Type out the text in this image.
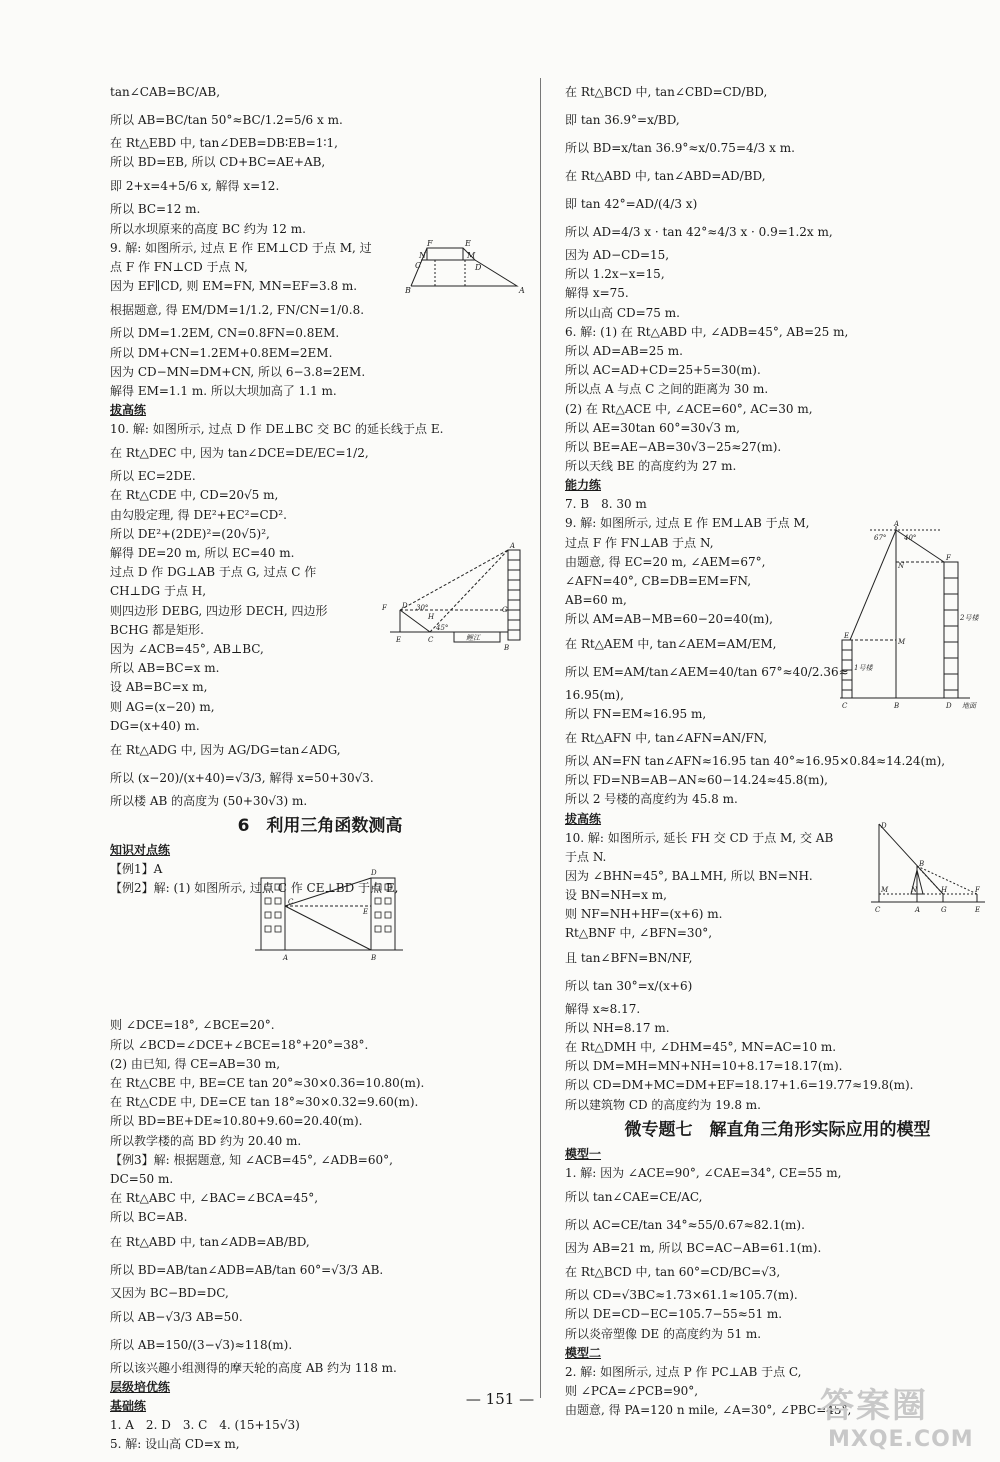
tan∠CAB=BC/AB,
所以 AB=BC/tan 50°≈BC/1.2=5/6 x m.
在 Rt△EBD 中, tan∠DEB=DB∶EB=1∶1,
所以 BD=EB, 所以 CD+BC=AE+AB,
即 2+x=4+5/6 x, 解得 x=12.
所以 BC=12 m.
所以水坝原来的高度 BC 约为 12 m.
9. 解: 如图所示, 过点 E 作 EM⊥CD 于点 M, 过
点 F 作 FN⊥CD 于点 N,
因为 EF∥CD, 则 EM=FN, MN=EF=3.8 m.
根据题意, 得 EM/DM=1/1.2, FN/CN=1/0.8.
所以 DM=1.2EM, CN=0.8FN=0.8EM.
所以 DM+CN=1.2EM+0.8EM=2EM.
因为 CD−MN=DM+CN, 所以 6−3.8=2EM.
解得 EM=1.1 m. 所以大坝加高了 1.1 m.
拔高练
10. 解: 如图所示, 过点 D 作 DE⊥BC 交 BC 的延长线于点 E.
在 Rt△DEC 中, 因为 tan∠DCE=DE/EC=1/2,
所以 EC=2DE.
在 Rt△CDE 中, CD=20√5 m,
由勾股定理, 得 DE²+EC²=CD².
所以 DE²+(2DE)²=(20√5)²,
解得 DE=20 m, 所以 EC=40 m.
过点 D 作 DG⊥AB 于点 G, 过点 C 作
CH⊥DG 于点 H,
则四边形 DEBG, 四边形 DECH, 四边形
BCHG 都是矩形.
因为 ∠ACB=45°, AB⊥BC,
所以 AB=BC=x m.
设 AB=BC=x m,
则 AG=(x−20) m,
DG=(x+40) m.
在 Rt△ADG 中, 因为 AG/DG=tan∠ADG,
所以 (x−20)/(x+40)=√3/3, 解得 x=50+30√3.
所以楼 AB 的高度为 (50+30√3) m.
6　利用三角函数测高
知识对点练
【例1】A
【例2】解: (1) 如图所示, 过点 C 作 CE⊥BD 于点 E,
则 ∠DCE=18°, ∠BCE=20°.
所以 ∠BCD=∠DCE+∠BCE=18°+20°=38°.
(2) 由已知, 得 CE=AB=30 m,
在 Rt△CBE 中, BE=CE tan 20°≈30×0.36=10.80(m).
在 Rt△CDE 中, DE=CE tan 18°≈30×0.32=9.60(m).
所以 BD=BE+DE≈10.80+9.60=20.40(m).
所以教学楼的高 BD 约为 20.40 m.
【例3】解: 根据题意, 知 ∠ACB=45°, ∠ADB=60°,
DC=50 m.
在 Rt△ABC 中, ∠BAC=∠BCA=45°,
所以 BC=AB.
在 Rt△ABD 中, tan∠ADB=AB/BD,
所以 BD=AB/tan∠ADB=AB/tan 60°=√3/3 AB.
又因为 BC−BD=DC,
所以 AB−√3/3 AB=50.
所以 AB=150/(3−√3)≈118(m).
所以该兴趣小组测得的摩天轮的高度 AB 约为 118 m.
层级培优练
基础练
1. A　2. D　3. C　4. (15+15√3)
5. 解: 设山高 CD=x m,
在 Rt△BCD 中, tan∠CBD=CD/BD,
即 tan 36.9°=x/BD,
所以 BD=x/tan 36.9°≈x/0.75=4/3 x m.
在 Rt△ABD 中, tan∠ABD=AD/BD,
即 tan 42°=AD/(4/3 x)
所以 AD=4/3 x · tan 42°≈4/3 x · 0.9=1.2x m,
因为 AD−CD=15,
所以 1.2x−x=15,
解得 x=75.
所以山高 CD=75 m.
6. 解: (1) 在 Rt△ABD 中, ∠ADB=45°, AB=25 m,
所以 AD=AB=25 m.
所以 AC=AD+CD=25+5=30(m).
所以点 A 与点 C 之间的距离为 30 m.
(2) 在 Rt△ACE 中, ∠ACE=60°, AC=30 m,
所以 AE=30tan 60°=30√3 m,
所以 BE=AE−AB=30√3−25≈27(m).
所以天线 BE 的高度约为 27 m.
能力练
7. B　8. 30 m
9. 解: 如图所示, 过点 E 作 EM⊥AB 于点 M,
过点 F 作 FN⊥AB 于点 N,
由题意, 得 EC=20 m, ∠AEM=67°,
∠AFN=40°, CB=DB=EM=FN,
AB=60 m,
所以 AM=AB−MB=60−20=40(m),
在 Rt△AEM 中, tan∠AEM=AM/EM,
所以 EM=AM/tan∠AEM=40/tan 67°≈40/2.36≈
16.95(m),
所以 FN=EM≈16.95 m,
在 Rt△AFN 中, tan∠AFN=AN/FN,
所以 AN=FN tan∠AFN≈16.95 tan 40°≈16.95×0.84≈14.24(m),
所以 FD=NB=AB−AN≈60−14.24≈45.8(m),
所以 2 号楼的高度约为 45.8 m.
拔高练
10. 解: 如图所示, 延长 FH 交 CD 于点 M, 交 AB
于点 N.
因为 ∠BHN=45°, BA⊥MH, 所以 BN=NH.
设 BN=NH=x m,
则 NF=NH+HF=(x+6) m.
Rt△BNF 中, ∠BFN=30°,
且 tan∠BFN=BN/NF,
所以 tan 30°=x/(x+6)
解得 x≈8.17.
所以 NH=8.17 m.
在 Rt△DMH 中, ∠DHM=45°, MN=AC=10 m.
所以 DM=MH=MN+NH=10+8.17=18.17(m).
所以 CD=DM+MC=DM+EF=18.17+1.6=19.77≈19.8(m).
所以建筑物 CD 的高度约为 19.8 m.
微专题七　解直角三角形实际应用的模型
模型一
1. 解: 因为 ∠ACE=90°, ∠CAE=34°, CE=55 m,
所以 tan∠CAE=CE/AC,
所以 AC=CE/tan 34°≈55/0.67≈82.1(m).
因为 AB=21 m, 所以 BC=AC−AB=61.1(m).
在 Rt△BCD 中, tan 60°=CD/BC=√3,
所以 CD=√3BC≈1.73×61.1≈105.7(m).
所以 DE=CD−EC=105.7−55≈51 m.
所以炎帝塑像 DE 的高度约为 51 m.
模型二
2. 解: 如图所示, 过点 P 作 PC⊥AB 于点 C,
则 ∠PCA=∠PCB=90°,
由题意, 得 PA=120 n mile, ∠A=30°, ∠PBC=45°,
F	E
N	M
C	D
B	A
F D 30°
H
45°
G
E	C
B
A
鲤江
A
67°	40°
N
F
E
M
1号楼
2号楼
C	B	D 地面
D
C
E
A	B
D
B
M	N	H	F
C	A	G	E
— 151 —	答案圈
MXQE.COM
